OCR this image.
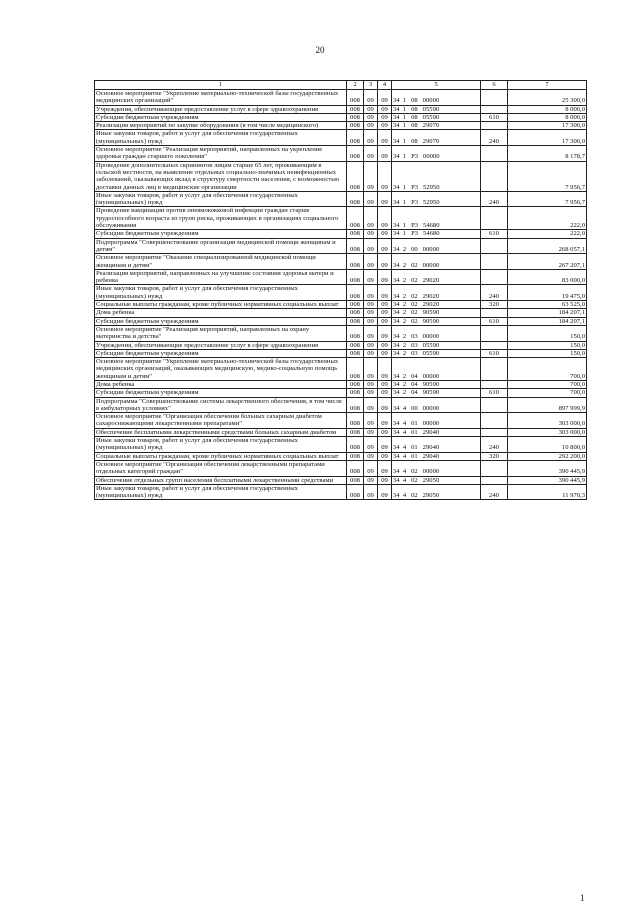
20
1	2	3	4	5	6	7
Основное мероприятие "Укрепление материально-технической базы государственных медицинских организаций"	008	09	09	34  1   08   00000		25 300,0
Учреждения, обеспечивающие предоставление услуг в сфере здравоохранения	008	09	09	34  1   08   05590		8 000,0
Субсидии бюджетным учреждениям	008	09	09	34  1   08   05590	610	8 000,0
Реализация мероприятий по закупке оборудования (в том числе медицинского)	008	09	09	34  1   08   29070		17 300,0
Иные закупки товаров, работ и услуг для обеспечения государственных (муниципальных) нужд	008	09	09	34  1   08   29070	240	17 300,0
Основное мероприятие "Реализация мероприятий, направленных на укрепление здоровья граждан старшего поколения"	008	09	09	34  1   P3   00000		8 178,7
Проведение дополнительных скринингов лицам старше 65 лет, проживающим в сельской местности, на выявление отдельных социально-значимых неинфекционных заболеваний, оказывающих вклад в структуру смертности населения, с возможностью доставки данных лиц в медицинские организации	008	09	09	34  1   P3   52950		7 956,7
Иные закупки товаров, работ и услуг для обеспечения государственных (муниципальных) нужд	008	09	09	34  1   P3   52950	240	7 956,7
Проведение вакцинации против пневмококковой инфекции граждан старше трудоспособного возраста из групп риска, проживающих в организациях социального обслуживания	008	09	09	34  1   P3   54680		222,0
Субсидии бюджетным учреждениям	008	09	09	34  1   P3   54680	610	222,0
Подпрограмма "Совершенствование организации медицинской помощи женщинам и детям"	008	09	09	34  2   00   00000		268 057,1
Основное мероприятие "Оказание специализированной медицинской помощи женщинам и детям"	008	09	09	34  2   02   00000		267 207,1
Реализация мероприятий, направленных на улучшение состояния здоровья матери и ребенка	008	09	09	34  2   02   29020		83 000,0
Иные закупки товаров, работ и услуг для обеспечения государственных (муниципальных) нужд	008	09	09	34  2   02   29020	240	19 475,0
Социальные выплаты гражданам, кроме публичных нормативных социальных выплат	008	09	09	34  2   02   29020	320	63 525,0
Дома ребенка	008	09	09	34  2   02   90590		184 207,1
Субсидии бюджетным учреждениям	008	09	09	34  2   02   90590	610	184 207,1
Основное мероприятие "Реализация мероприятий, направленных на охрану материнства и детства"	008	09	09	34  2   03   00000		150,0
Учреждения, обеспечивающие предоставление услуг в сфере здравоохранения	008	09	09	34  2   03   05590		150,0
Субсидии бюджетным учреждениям	008	09	09	34  2   03   05590	610	150,0
Основное мероприятие "Укрепление материально-технической базы государственных медицинских организаций, оказывающих медицинскую, медико-социальную помощь женщинам и детям"	008	09	09	34  2   04   00000		700,0
Дома ребенка	008	09	09	34  2   04   90590		700,0
Субсидии бюджетным учреждениям	008	09	09	34  2   04   90590	610	700,0
Подпрограмма "Совершенствование системы лекарственного обеспечения, в том числе в амбулаторных условиях"	008	09	09	34  4   00   00000		897 999,9
Основное мероприятие "Организация обеспечения больных сахарным диабетом сахароснижающими лекарственными препаратами"	008	09	09	34  4   01   00000		303 000,0
Обеспечение бесплатными лекарственными средствами больных сахарным диабетом	008	09	09	34  4   01   29040		303 000,0
Иные закупки товаров, работ и услуг для обеспечения государственных (муниципальных) нужд	008	09	09	34  4   01   29040	240	10 800,0
Социальные выплаты гражданам, кроме публичных нормативных социальных выплат	008	09	09	34  4   01   29040	320	292 200,0
Основное мероприятие "Организация обеспечения лекарственными препаратами отдельных категорий граждан"	008	09	09	34  4   02   00000		390 445,9
Обеспечение отдельных групп населения бесплатными лекарственными средствами	008	09	09	34  4   02   29050		390 445,9
Иные закупки товаров, работ и услуг для обеспечения государственных (муниципальных) нужд	008	09	09	34  4   02   29050	240	11 970,3
1
